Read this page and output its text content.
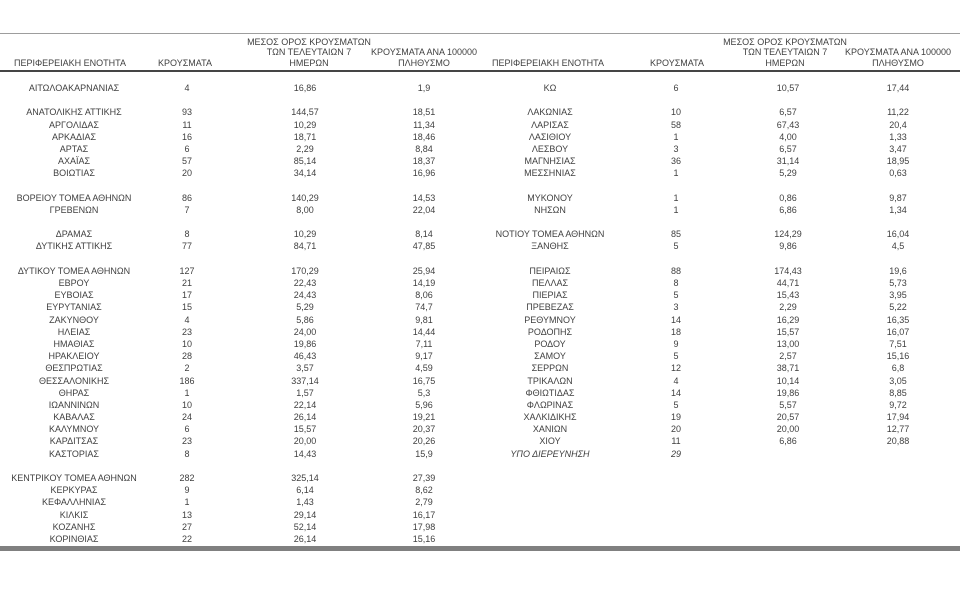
ΠΕΡΙΦΕΡΕΙΑΚΗ ΕΝΟΤΗΤΑ	ΚΡΟΥΣΜΑΤΑ
ΜΕΣΟΣ ΟΡΟΣ ΚΡΟΥΣΜΑΤΩΝ
ΤΩΝ ΤΕΛΕΥΤΑΙΩΝ 7
ΗΜΕΡΩΝ
ΚΡΟΥΣΜΑΤΑ ΑΝΑ 100000
ΠΛΗΘΥΣΜΟ
ΑΙΤΩΛΟΑΚΑΡΝΑΝΙΑΣ	4	16,86	1,9
ΑΝΑΤΟΛΙΚΗΣ ΑΤΤΙΚΗΣ	93	144,57	18,51
ΑΡΓΟΛΙΔΑΣ	11	10,29	11,34
ΑΡΚΑΔΙΑΣ	16	18,71	18,46
ΑΡΤΑΣ	6	2,29	8,84
ΑΧΑΪΑΣ	57	85,14	18,37
ΒΟΙΩΤΙΑΣ	20	34,14	16,96
ΒΟΡΕΙΟΥ ΤΟΜΕΑ ΑΘΗΝΩΝ	86	140,29	14,53
ΓΡΕΒΕΝΩΝ	7	8,00	22,04
ΔΡΑΜΑΣ	8	10,29	8,14
ΔΥΤΙΚΗΣ ΑΤΤΙΚΗΣ	77	84,71	47,85
ΔΥΤΙΚΟΥ ΤΟΜΕΑ ΑΘΗΝΩΝ	127	170,29	25,94
ΕΒΡΟΥ	21	22,43	14,19
ΕΥΒΟΙΑΣ	17	24,43	8,06
ΕΥΡΥΤΑΝΙΑΣ	15	5,29	74,7
ΖΑΚΥΝΘΟΥ	4	5,86	9,81
ΗΛΕΙΑΣ	23	24,00	14,44
ΗΜΑΘΙΑΣ	10	19,86	7,11
ΗΡΑΚΛΕΙΟΥ	28	46,43	9,17
ΘΕΣΠΡΩΤΙΑΣ	2	3,57	4,59
ΘΕΣΣΑΛΟΝΙΚΗΣ	186	337,14	16,75
ΘΗΡΑΣ	1	1,57	5,3
ΙΩΑΝΝΙΝΩΝ	10	22,14	5,96
ΚΑΒΑΛΑΣ	24	26,14	19,21
ΚΑΛΥΜΝΟΥ	6	15,57	20,37
ΚΑΡΔΙΤΣΑΣ	23	20,00	20,26
ΚΑΣΤΟΡΙΑΣ	8	14,43	15,9
ΚΕΝΤΡΙΚΟΥ ΤΟΜΕΑ ΑΘΗΝΩΝ	282	325,14	27,39
ΚΕΡΚΥΡΑΣ	9	6,14	8,62
ΚΕΦΑΛΛΗΝΙΑΣ	1	1,43	2,79
ΚΙΛΚΙΣ	13	29,14	16,17
ΚΟΖΑΝΗΣ	27	52,14	17,98
ΚΟΡΙΝΘΙΑΣ	22	26,14	15,16
ΠΕΡΙΦΕΡΕΙΑΚΗ ΕΝΟΤΗΤΑ	ΚΡΟΥΣΜΑΤΑ
ΜΕΣΟΣ ΟΡΟΣ ΚΡΟΥΣΜΑΤΩΝ
ΤΩΝ ΤΕΛΕΥΤΑΙΩΝ 7
ΗΜΕΡΩΝ
ΚΡΟΥΣΜΑΤΑ ΑΝΑ 100000
ΠΛΗΘΥΣΜΟ
ΚΩ	6	10,57	17,44
ΛΑΚΩΝΙΑΣ	10	6,57	11,22
ΛΑΡΙΣΑΣ	58	67,43	20,4
ΛΑΣΙΘΙΟΥ	1	4,00	1,33
ΛΕΣΒΟΥ	3	6,57	3,47
ΜΑΓΝΗΣΙΑΣ	36	31,14	18,95
ΜΕΣΣΗΝΙΑΣ	1	5,29	0,63
ΜΥΚΟΝΟΥ	1	0,86	9,87
ΝΗΣΩΝ	1	6,86	1,34
ΝΟΤΙΟΥ ΤΟΜΕΑ ΑΘΗΝΩΝ	85	124,29	16,04
ΞΑΝΘΗΣ	5	9,86	4,5
ΠΕΙΡΑΙΩΣ	88	174,43	19,6
ΠΕΛΛΑΣ	8	44,71	5,73
ΠΙΕΡΙΑΣ	5	15,43	3,95
ΠΡΕΒΕΖΑΣ	3	2,29	5,22
ΡΕΘΥΜΝΟΥ	14	16,29	16,35
ΡΟΔΟΠΗΣ	18	15,57	16,07
ΡΟΔΟΥ	9	13,00	7,51
ΣΑΜΟΥ	5	2,57	15,16
ΣΕΡΡΩΝ	12	38,71	6,8
ΤΡΙΚΑΛΩΝ	4	10,14	3,05
ΦΘΙΩΤΙΔΑΣ	14	19,86	8,85
ΦΛΩΡΙΝΑΣ	5	5,57	9,72
ΧΑΛΚΙΔΙΚΗΣ	19	20,57	17,94
ΧΑΝΙΩΝ	20	20,00	12,77
ΧΙΟΥ	11	6,86	20,88
ΥΠΟ ΔΙΕΡΕΥΝΗΣΗ	29
